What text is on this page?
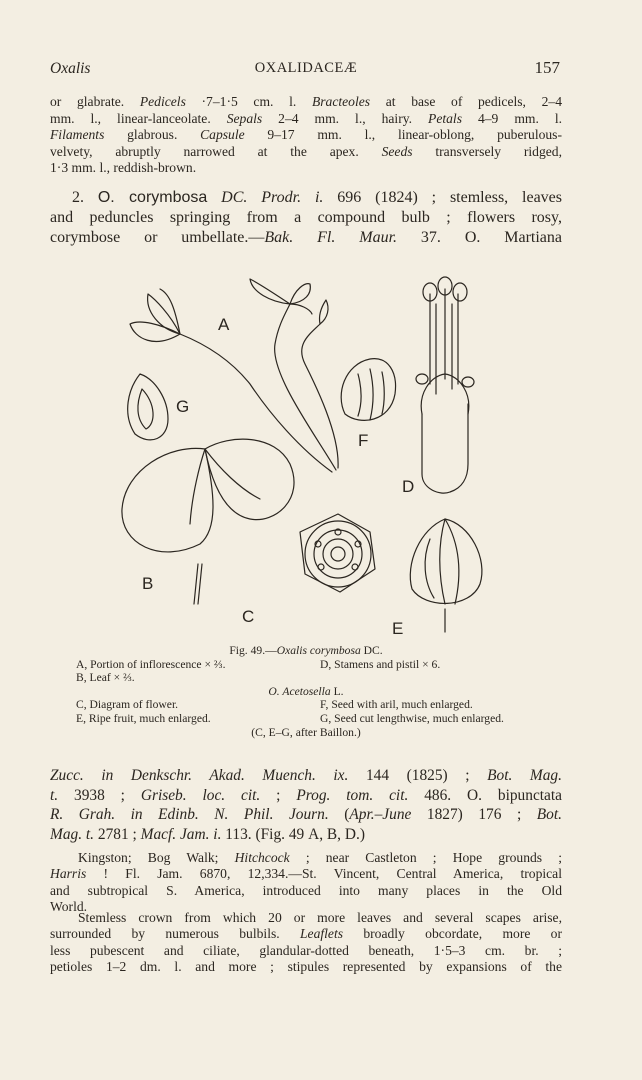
Oxalis	OXALIDACEÆ	157
or glabrate. Pedicels ·7–1·5 cm. l. Bracteoles at base of pedicels, 2–4
mm. l., linear-lanceolate. Sepals 2–4 mm. l., hairy. Petals 4–9 mm. l.
Filaments glabrous. Capsule 9–17 mm. l., linear-oblong, puberulous-
velvety, abruptly narrowed at the apex. Seeds transversely ridged,
1·3 mm. l., reddish-brown.
2. O. corymbosa DC. Prodr. i. 696 (1824) ; stemless, leaves
and peduncles springing from a compound bulb ; flowers rosy,
corymbose or umbellate.—Bak. Fl. Maur. 37. O. Martiana
A
B
C
D
E
F
G
Fig. 49.—Oxalis corymbosa DC.
A, Portion of inflorescence × ⅔.	D, Stamens and pistil × 6.
B, Leaf × ⅔.
O. Acetosella L.
C, Diagram of flower.	F, Seed with aril, much enlarged.
E, Ripe fruit, much enlarged.	G, Seed cut lengthwise, much enlarged.
(C, E–G, after Baillon.)
Zucc. in Denkschr. Akad. Muench. ix. 144 (1825) ; Bot. Mag.
t. 3938 ; Griseb. loc. cit. ; Prog. tom. cit. 486. O. bipunctata
R. Grah. in Edinb. N. Phil. Journ. (Apr.–June 1827) 176 ; Bot.
Mag. t. 2781 ; Macf. Jam. i. 113. (Fig. 49 A, B, D.)
Kingston; Bog Walk; Hitchcock ; near Castleton ; Hope grounds ;
Harris ! Fl. Jam. 6870, 12,334.—St. Vincent, Central America, tropical
and subtropical S. America, introduced into many places in the Old
World.
Stemless crown from which 20 or more leaves and several scapes arise,
surrounded by numerous bulbils. Leaflets broadly obcordate, more or
less pubescent and ciliate, glandular-dotted beneath, 1·5–3 cm. br. ;
petioles 1–2 dm. l. and more ; stipules represented by expansions of the
